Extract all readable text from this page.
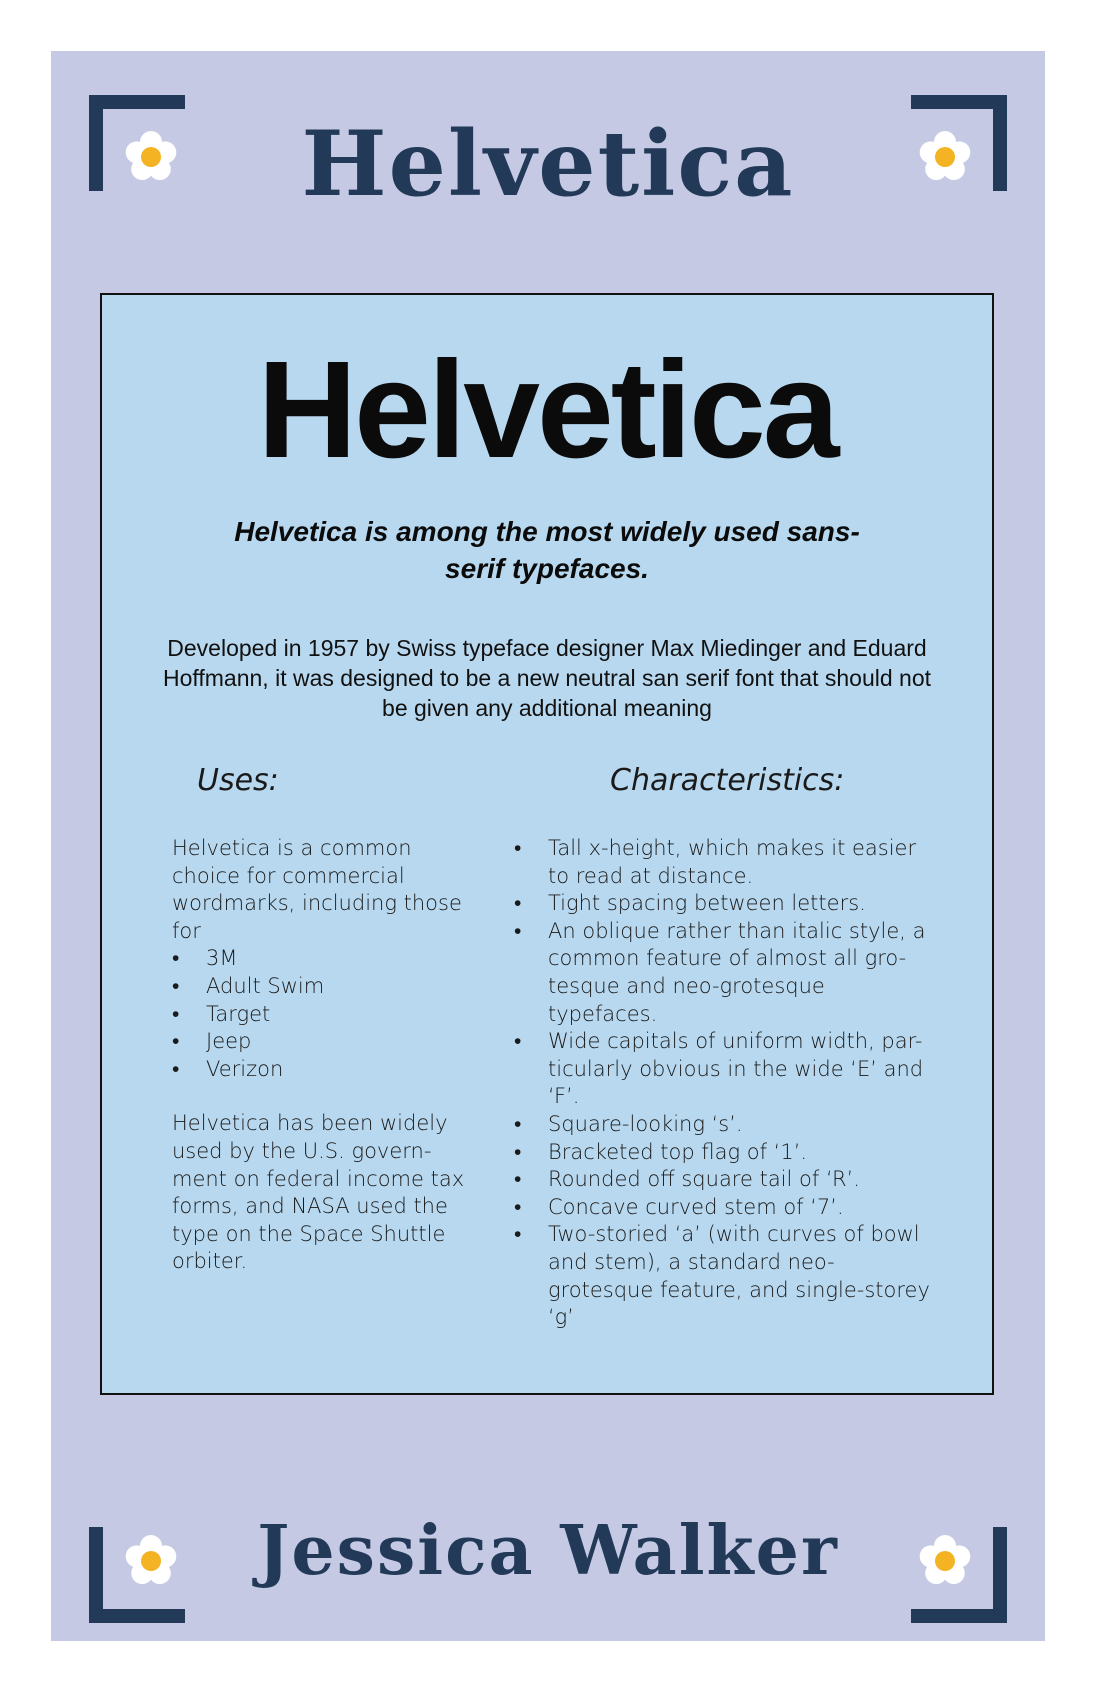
Helvetica
Helvetica
Helvetica is among the most widely used sans-serif typefaces.
Developed in 1957 by Swiss typeface designer Max Miedinger and Eduard Hoffmann, it was designed to be a new neutral san serif font that should not be given any additional meaning
Uses:	Characteristics:

Helvetica is a common choice for commercial wordmarks, including those for

• 3M
• Adult Swim
• Target
• Jeep
• Verizon

Helvetica has been widely used by the U.S. govern-ment on federal income tax forms, and NASA used the type on the Space Shuttle orbiter.

• Tall x-height, which makes it easier to read at distance.
• Tight spacing between letters.
• An oblique rather than italic style, a common feature of almost all gro-tesque and neo-grotesque typefaces.
• Wide capitals of uniform width, par-ticularly obvious in the wide ‘E’ and ‘F’.
• Square-looking ‘s’.
• Bracketed top flag of ‘1’.
• Rounded off square tail of ‘R’.
• Concave curved stem of ‘7’.
• Two-storied ‘a’ (with curves of bowl and stem), a standard neo-grotesque feature, and single-storey ‘g’
Jessica Walker
